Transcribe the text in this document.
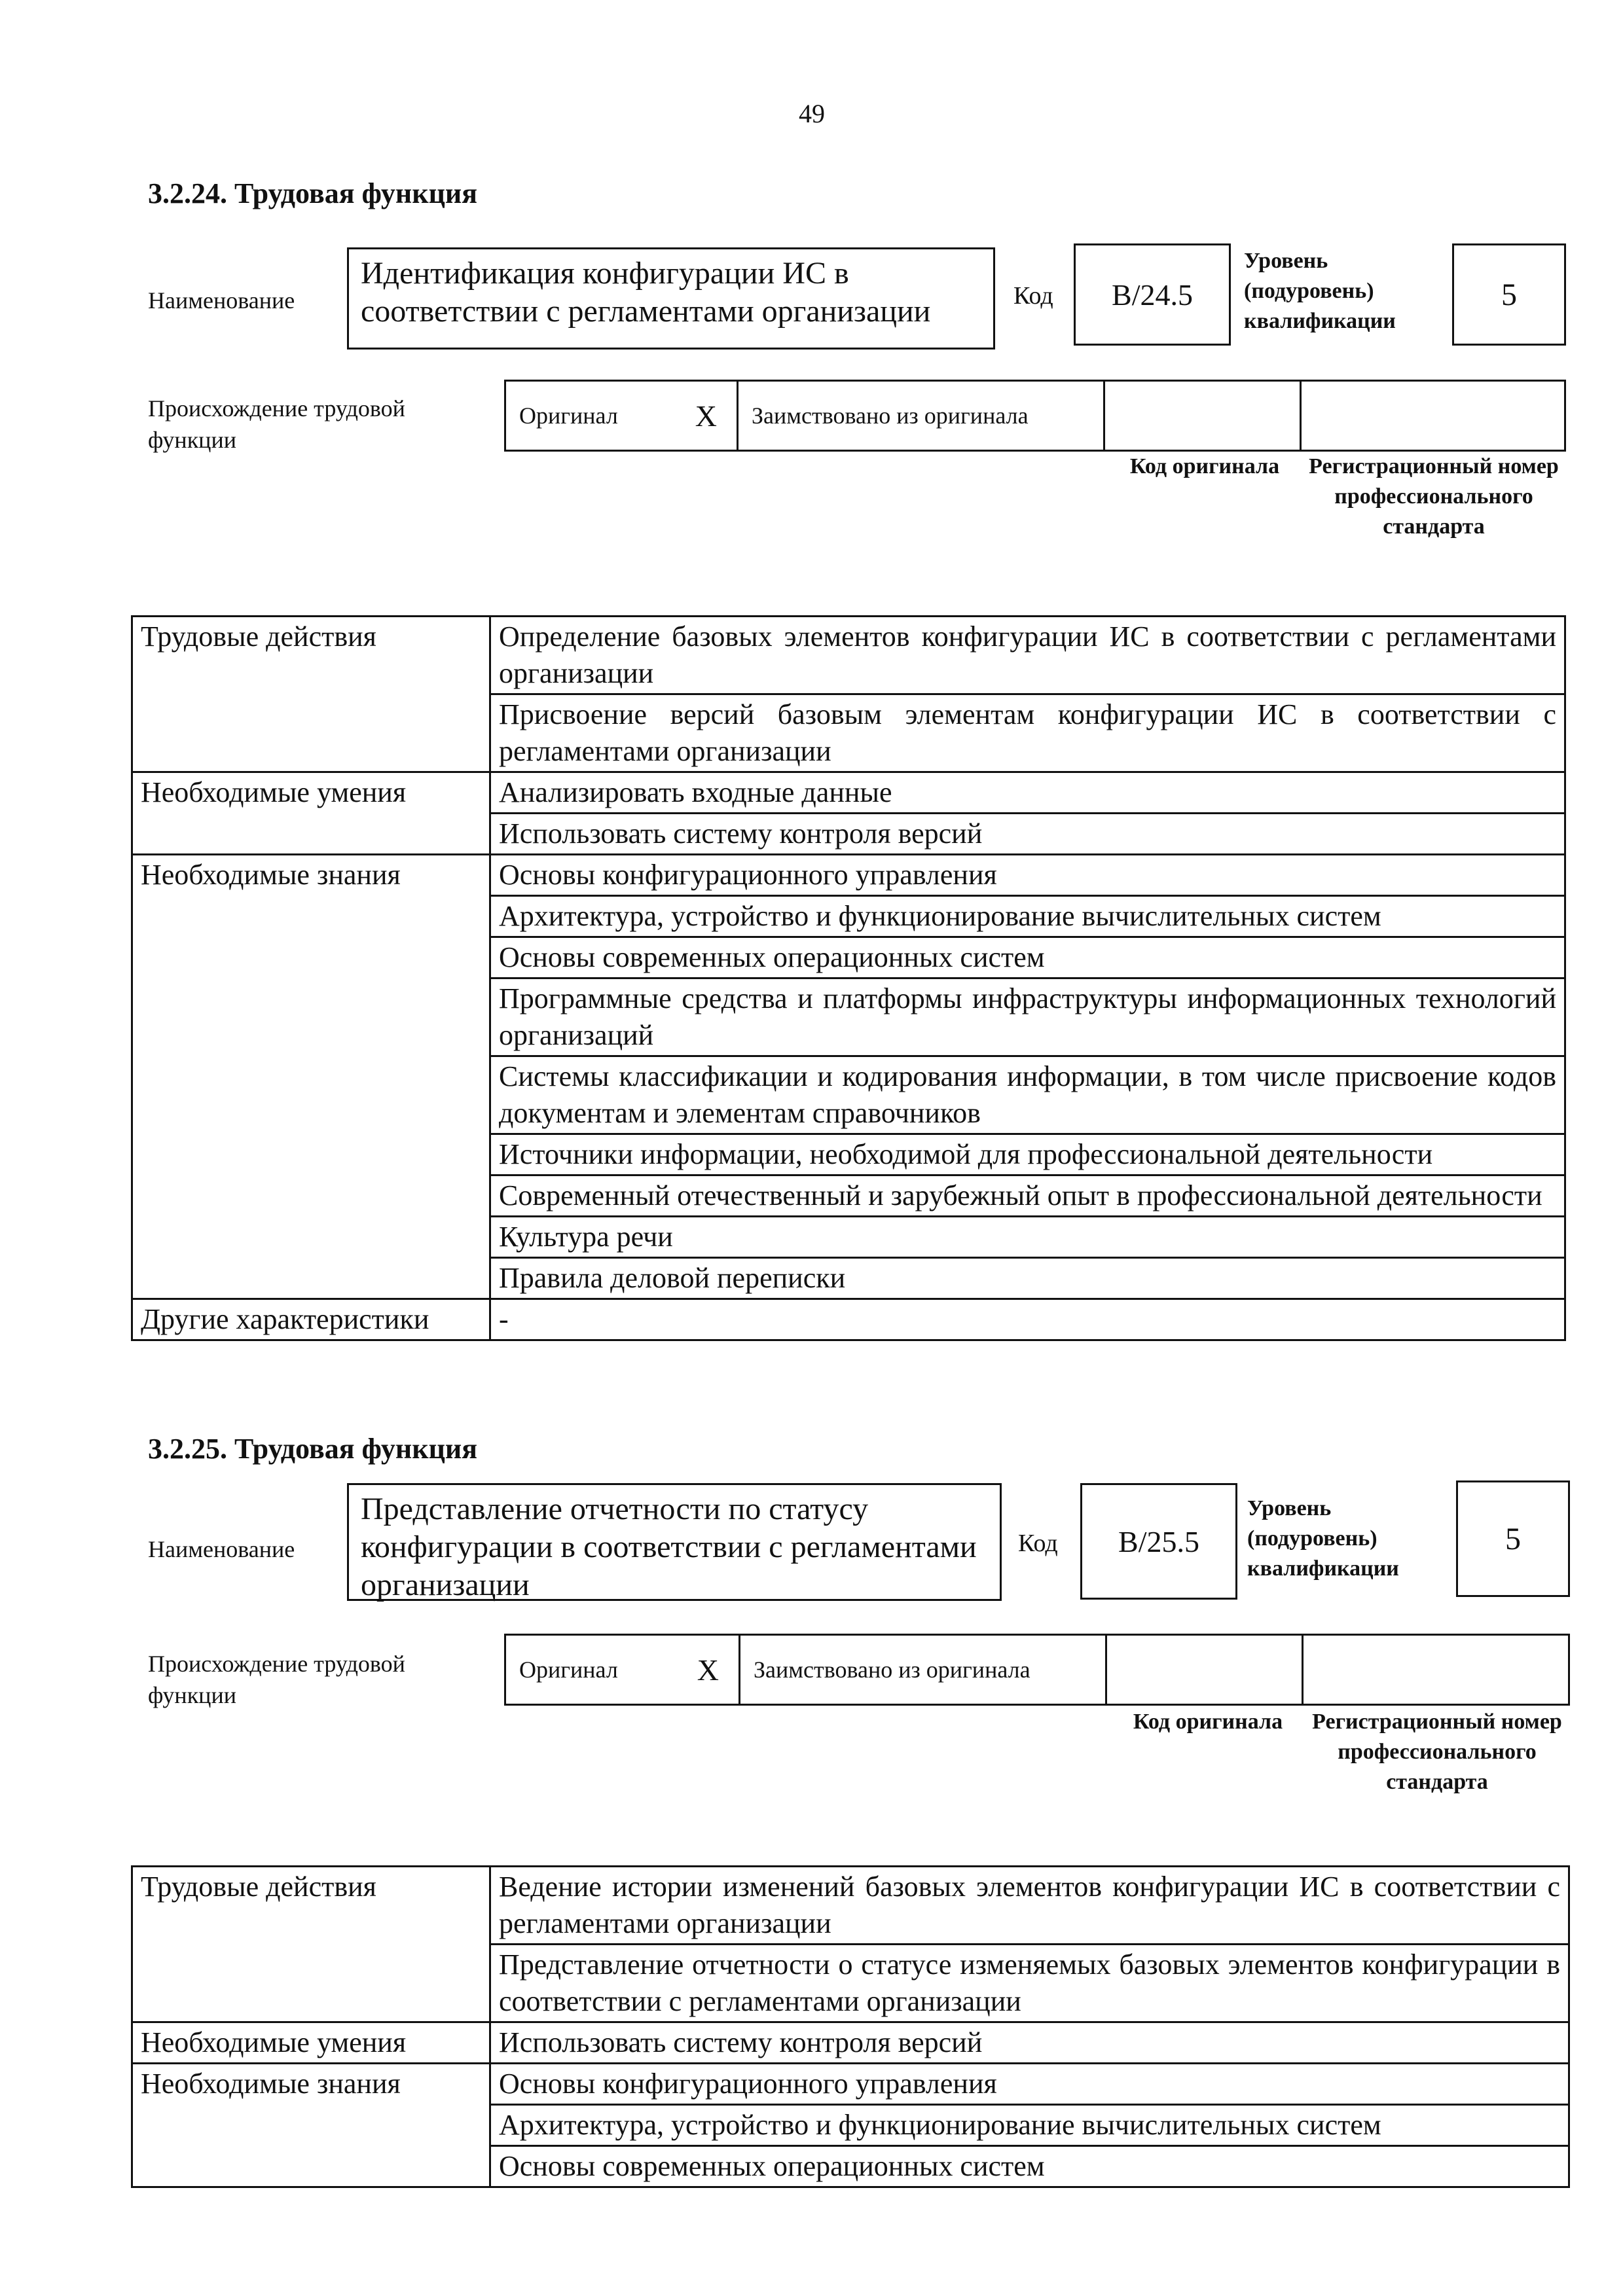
49
3.2.24. Трудовая функция
Наименование
Идентификация конфигурации ИС в соответствии с регламентами организации	Код	B/24.5
Уровень (подуровень) квалификации
5
Происхождение трудовой функции
Оригинал	X Заимствовано из оригинала
Код оригинала	Регистрационный номер профессионального стандарта
Трудовые действия	Определение базовых элементов конфигурации ИС в соответствии с регламентами организации
	Присвоение версий базовым элементам конфигурации ИС в соответствии с регламентами организации
Необходимые умения	Анализировать входные данные
	Использовать систему контроля версий
Необходимые знания	Основы конфигурационного управления
	Архитектура, устройство и функционирование вычислительных систем
	Основы современных операционных систем
	Программные средства и платформы инфраструктуры информационных технологий организаций
	Системы классификации и кодирования информации, в том числе присвоение кодов документам и элементам справочников
	Источники информации, необходимой для профессиональной деятельности
	Современный отечественный и зарубежный опыт в профессиональной деятельности
	Культура речи
	Правила деловой переписки
Другие характеристики	-
3.2.25. Трудовая функция
Наименование
Представление отчетности по статусу конфигурации в соответствии с регламентами организации
Код	B/25.5
Уровень (подуровень) квалификации
5
Происхождение трудовой функции
Оригинал	X Заимствовано из оригинала
Код оригинала	Регистрационный номер профессионального стандарта
Трудовые действия	Ведение истории изменений базовых элементов конфигурации ИС в соответствии с регламентами организации
	Представление отчетности о статусе изменяемых базовых элементов конфигурации в соответствии с регламентами организации
Необходимые умения	Использовать систему контроля версий
Необходимые знания	Основы конфигурационного управления
	Архитектура, устройство и функционирование вычислительных систем
	Основы современных операционных систем
